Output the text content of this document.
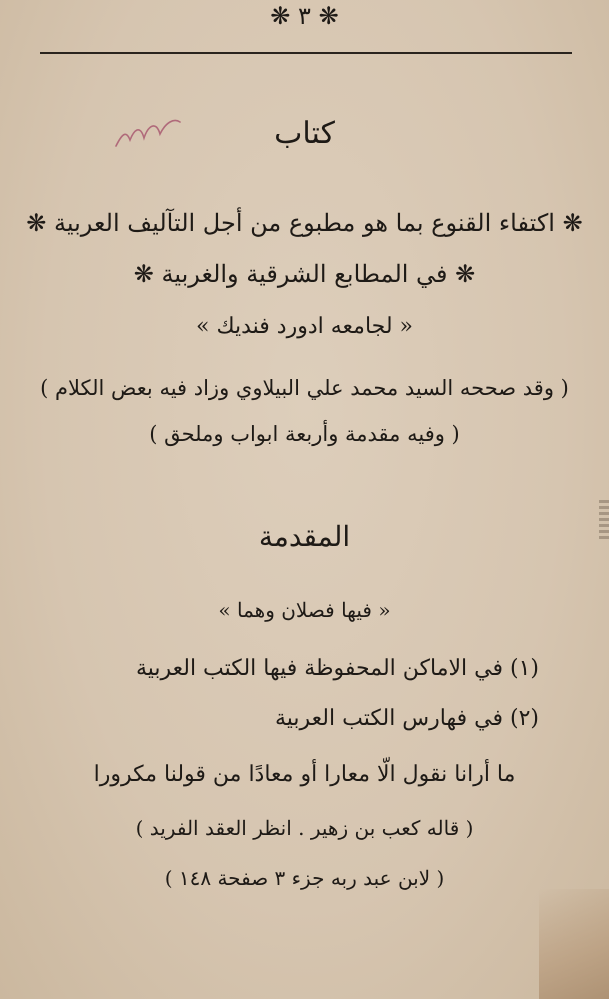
❋ ٣ ❋
كتاب
❋ اكتفاء القنوع بما هو مطبوع من أجل التآليف العربية ❋
❋ في المطابع الشرقية والغربية ❋
« لجامعه ادورد فنديك »
( وقد صححه السيد محمد علي البيلاوي وزاد فيه بعض الكلام )
( وفيه مقدمة وأربعة ابواب وملحق )
المقدمة
« فيها فصلان وهما »
(١) في الاماكن المحفوظة فيها الكتب العربية
(٢) في فهارس الكتب العربية
ما أرانا نقول الّا معارا أو معادًا من قولنا مكرورا
( قاله كعب بن زهير . انظر العقد الفريد )
( لابن عبد ربه جزء ٣ صفحة ١٤٨ )
